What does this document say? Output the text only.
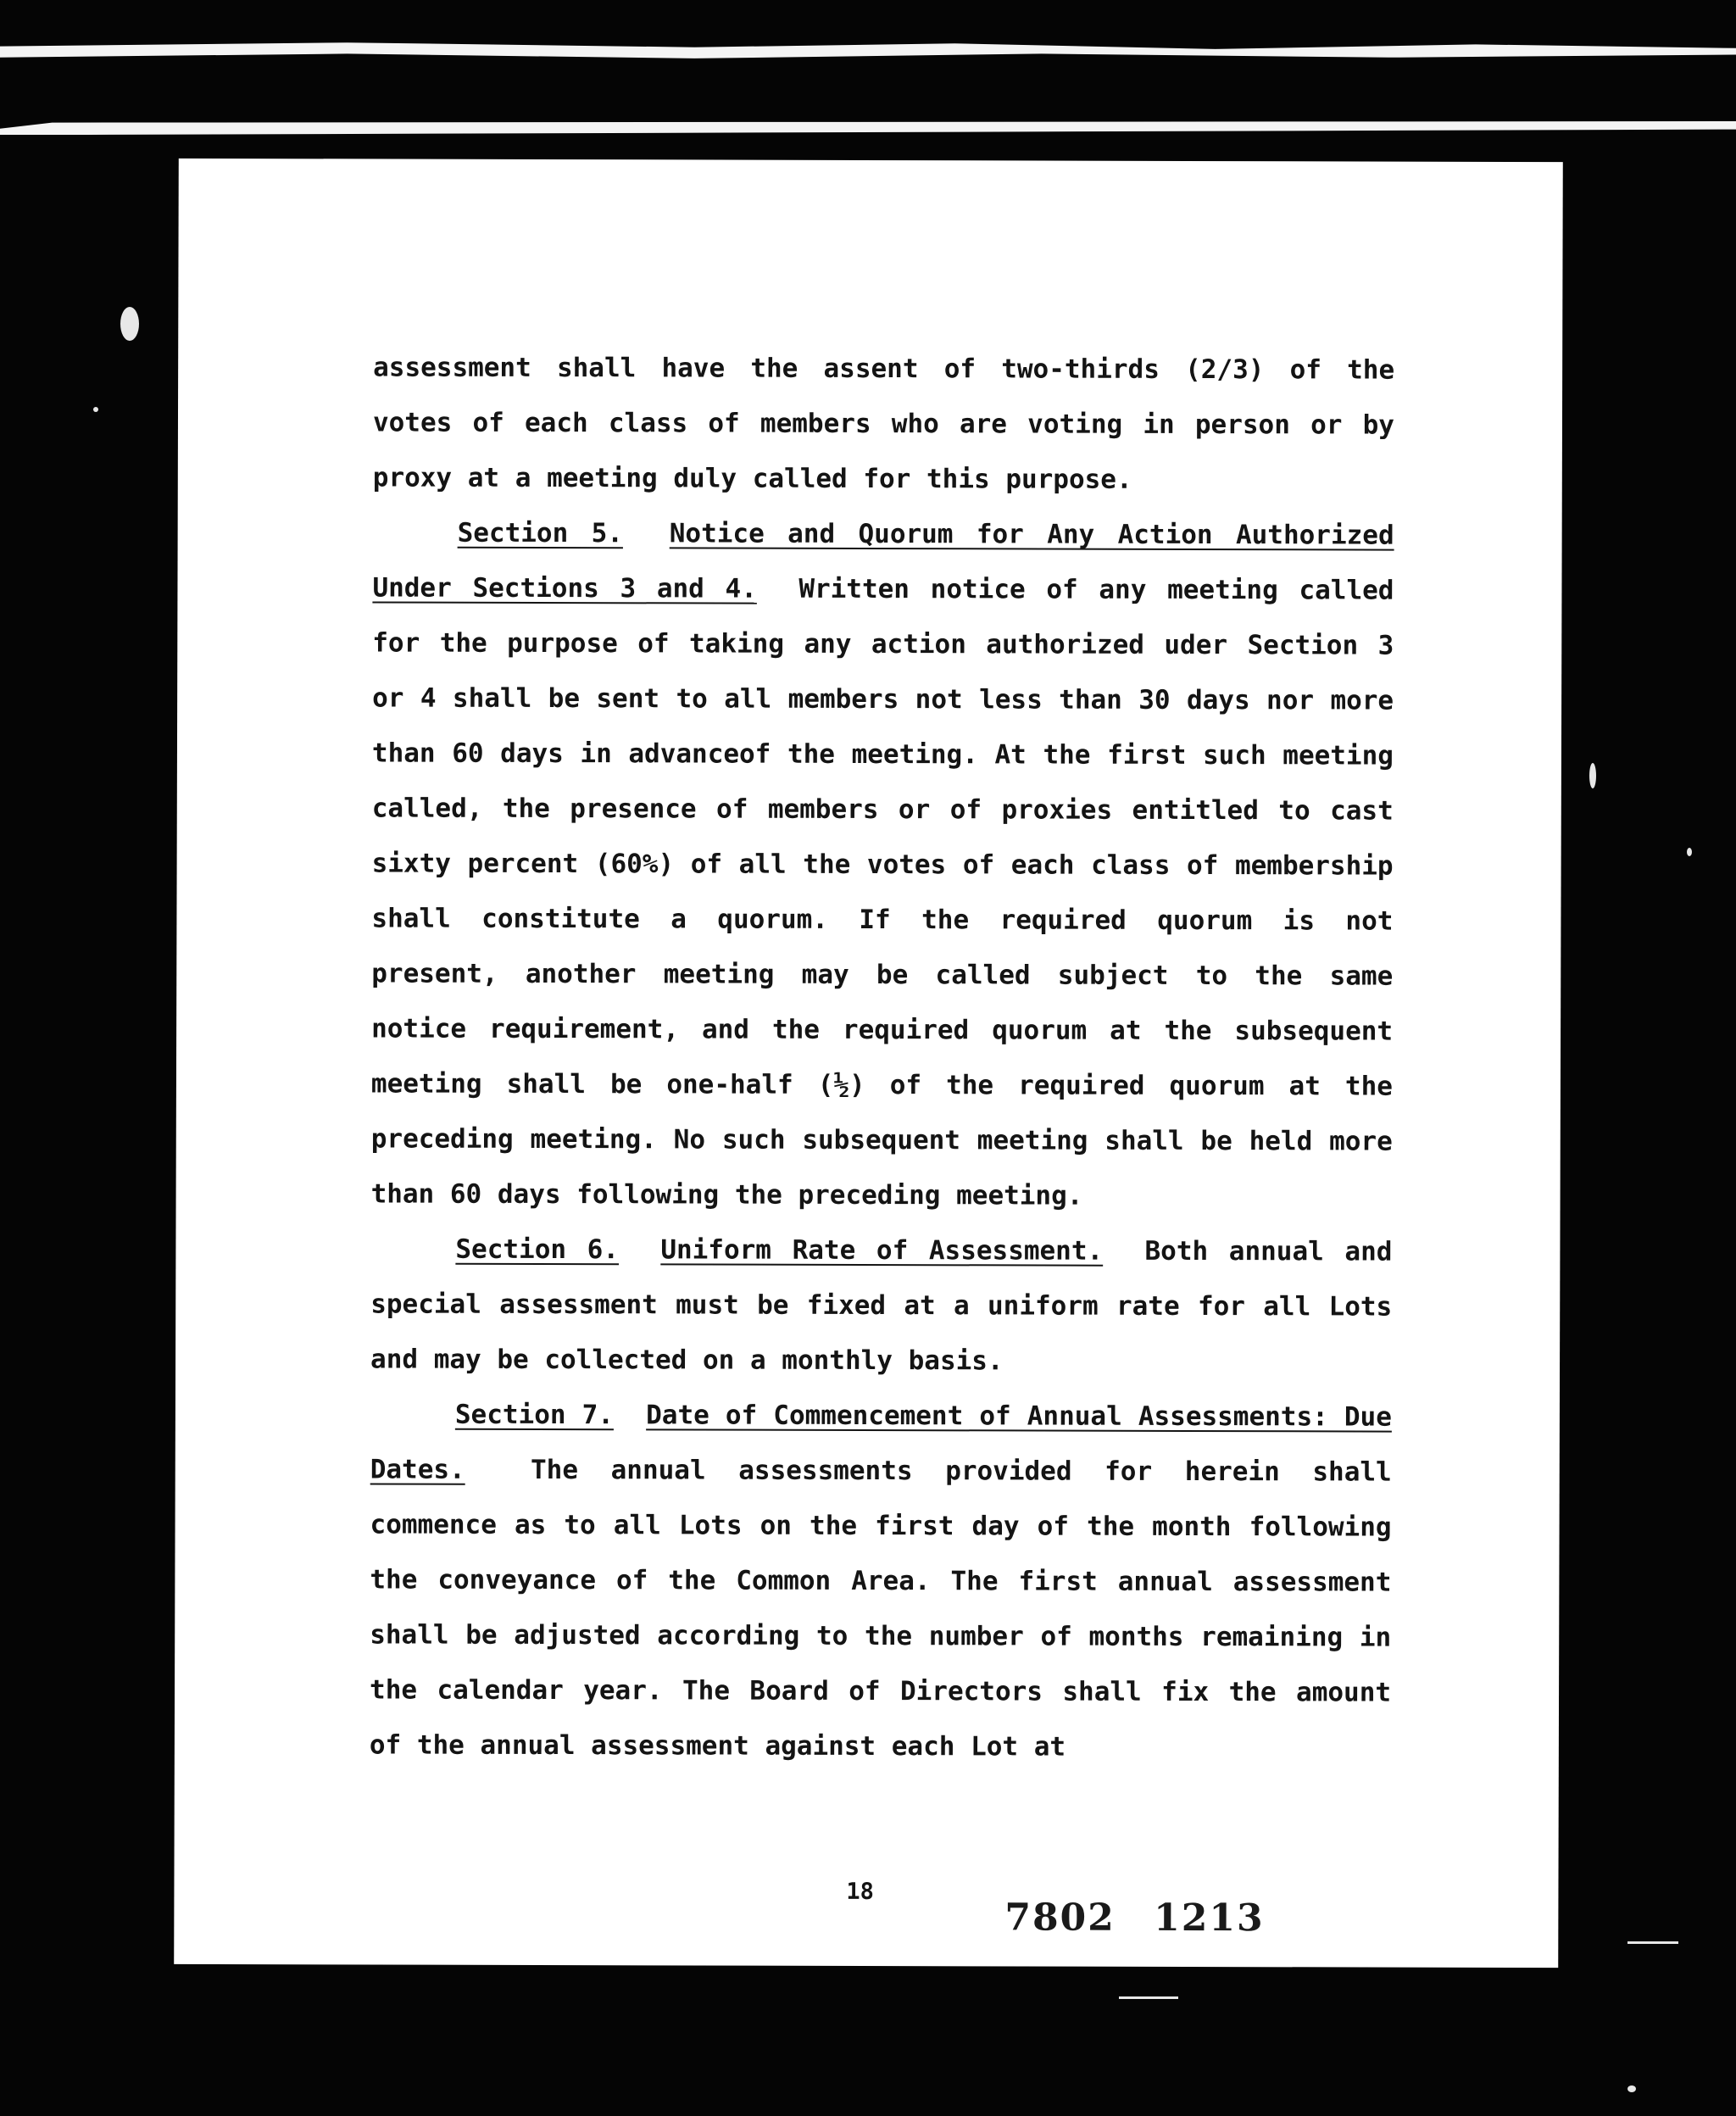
assessment shall have the assent of two-thirds (2/3) of the votes of each class of members who are voting in person or by proxy at a meeting duly called for this purpose.

Section 5. Notice and Quorum for Any Action Authorized Under Sections 3 and 4. Written notice of any meeting called for the purpose of taking any action authorized uder Section 3 or 4 shall be sent to all members not less than 30 days nor more than 60 days in advanceof the meeting. At the first such meeting called, the presence of members or of proxies entitled to cast sixty percent (60%) of all the votes of each class of membership shall constitute a quorum. If the required quorum is not present, another meeting may be called subject to the same notice requirement, and the required quorum at the subsequent meeting shall be one-half (½) of the required quorum at the preceding meeting. No such subsequent meeting shall be held more than 60 days following the preceding meeting.

Section 6. Uniform Rate of Assessment. Both annual and special assessment must be fixed at a uniform rate for all Lots and may be collected on a monthly basis.

Section 7. Date of Commencement of Annual Assessments: Due Dates. The annual assessments provided for herein shall commence as to all Lots on the first day of the month following the conveyance of the Common Area. The first annual assessment shall be adjusted according to the number of months remaining in the calendar year. The Board of Directors shall fix the amount of the annual assessment against each Lot at

18
7802 1213
